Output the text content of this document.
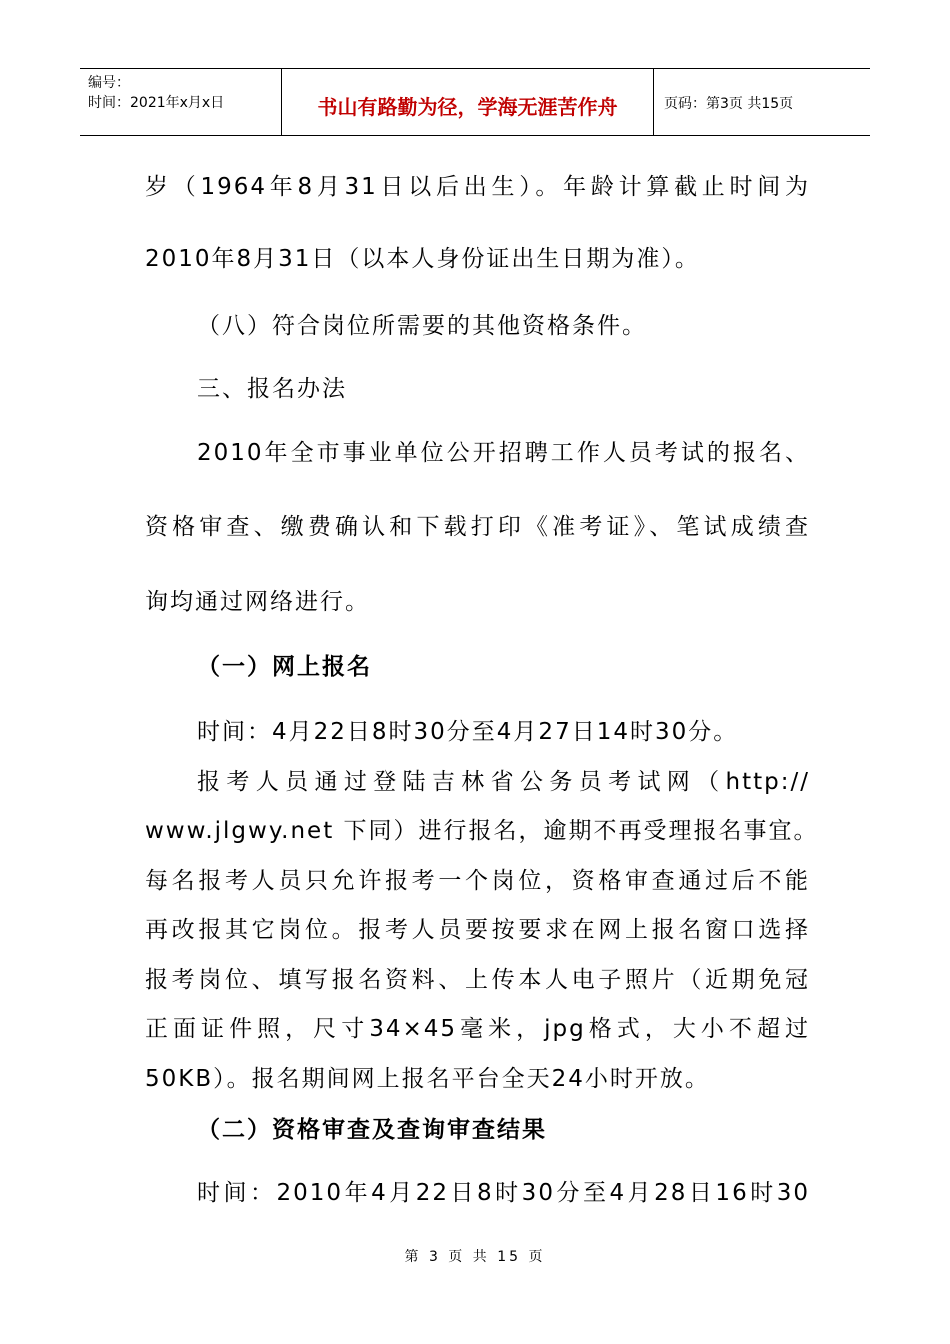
编号：
时间：2021年x月x日	书山有路勤为径，学海无涯苦作舟	页码：第3页 共15页
岁（1964年8月31日以后出生）。年龄计算截止时间为
2010年8月31日（以本人身份证出生日期为准）。
（八）符合岗位所需要的其他资格条件。
三、报名办法
2010年全市事业单位公开招聘工作人员考试的报名、
资格审查、缴费确认和下载打印《准考证》、笔试成绩查
询均通过网络进行。
（一）网上报名
时间：4月22日8时30分至4月27日14时30分。
报考人员通过登陆吉林省公务员考试网（http://
www.jlgwy.net 下同）进行报名，逾期不再受理报名事宜。
每名报考人员只允许报考一个岗位，资格审查通过后不能
再改报其它岗位。报考人员要按要求在网上报名窗口选择
报考岗位、填写报名资料、上传本人电子照片（近期免冠
正面证件照，尺寸34×45毫米，jpg格式，大小不超过
50KB）。报名期间网上报名平台全天24小时开放。
（二）资格审查及查询审查结果
时间：2010年4月22日8时30分至4月28日16时30
第 3 页 共 15 页
